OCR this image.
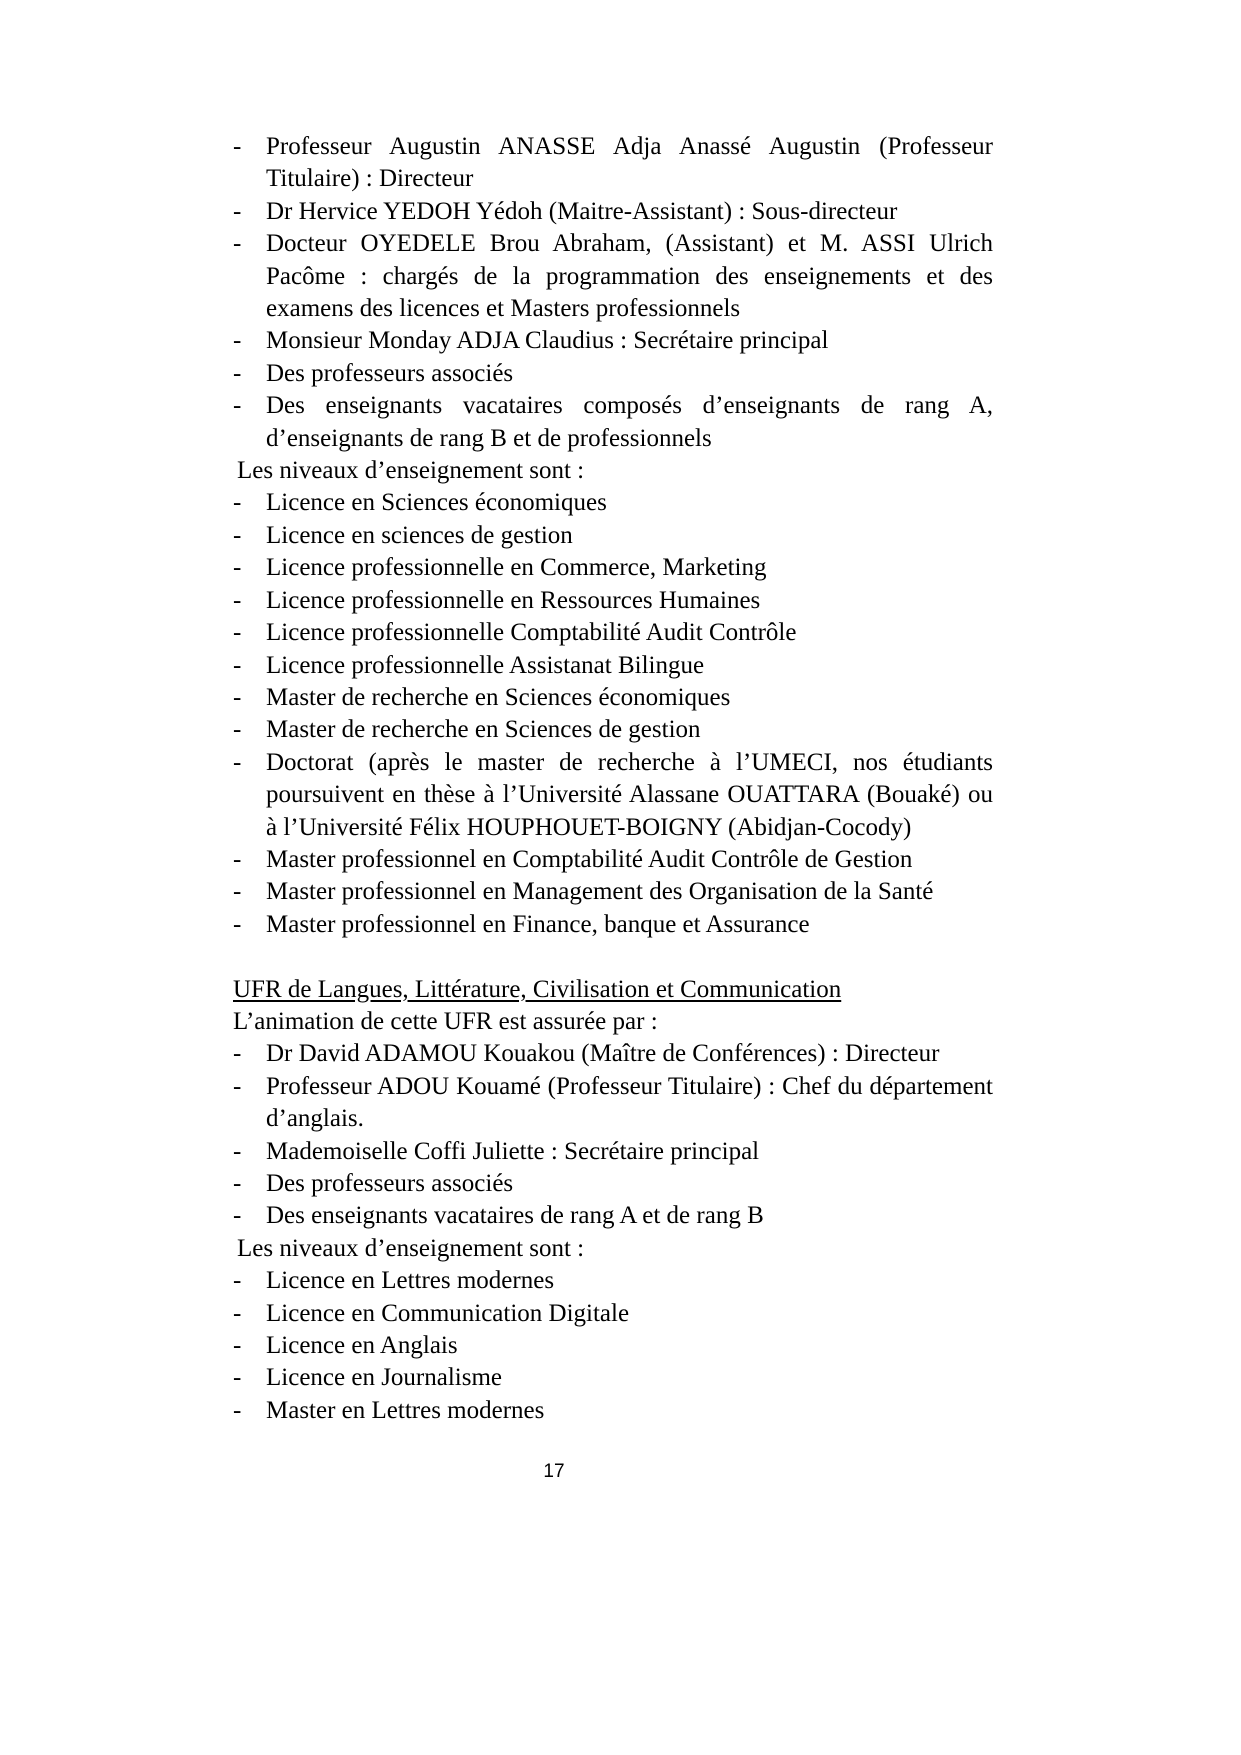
- Professeur Augustin ANASSE Adja Anassé Augustin (Professeur Titulaire) : Directeur
- Dr Hervice YEDOH Yédoh (Maitre-Assistant) : Sous-directeur
- Docteur OYEDELE Brou Abraham, (Assistant) et M. ASSI Ulrich Pacôme : chargés de la programmation des enseignements et des examens des licences et Masters professionnels
- Monsieur Monday ADJA Claudius : Secrétaire principal
- Des professeurs associés
- Des enseignants vacataires composés d’enseignants de rang A, d’enseignants de rang B et de professionnels
Les niveaux d’enseignement sont :
- Licence en Sciences économiques
- Licence en sciences de gestion
- Licence professionnelle en Commerce, Marketing
- Licence professionnelle en Ressources Humaines
- Licence professionnelle Comptabilité Audit Contrôle
- Licence professionnelle Assistanat Bilingue
- Master de recherche en Sciences économiques
- Master de recherche en Sciences de gestion
- Doctorat (après le master de recherche à l’UMECI, nos étudiants poursuivent en thèse à l’Université Alassane OUATTARA (Bouaké) ou à l’Université Félix HOUPHOUET-BOIGNY (Abidjan-Cocody)
- Master professionnel en Comptabilité Audit Contrôle de Gestion
- Master professionnel en Management des Organisation de la Santé
- Master professionnel en Finance, banque et Assurance
UFR de Langues, Littérature, Civilisation et Communication
L’animation de cette UFR est assurée par :
- Dr David ADAMOU Kouakou (Maître de Conférences) : Directeur
- Professeur ADOU Kouamé (Professeur Titulaire) : Chef du département d’anglais.
- Mademoiselle Coffi Juliette : Secrétaire principal
- Des professeurs associés
- Des enseignants vacataires de rang A et de rang B
Les niveaux d’enseignement sont :
- Licence en Lettres modernes
- Licence en Communication Digitale
- Licence en Anglais
- Licence en Journalisme
- Master en Lettres modernes
17
